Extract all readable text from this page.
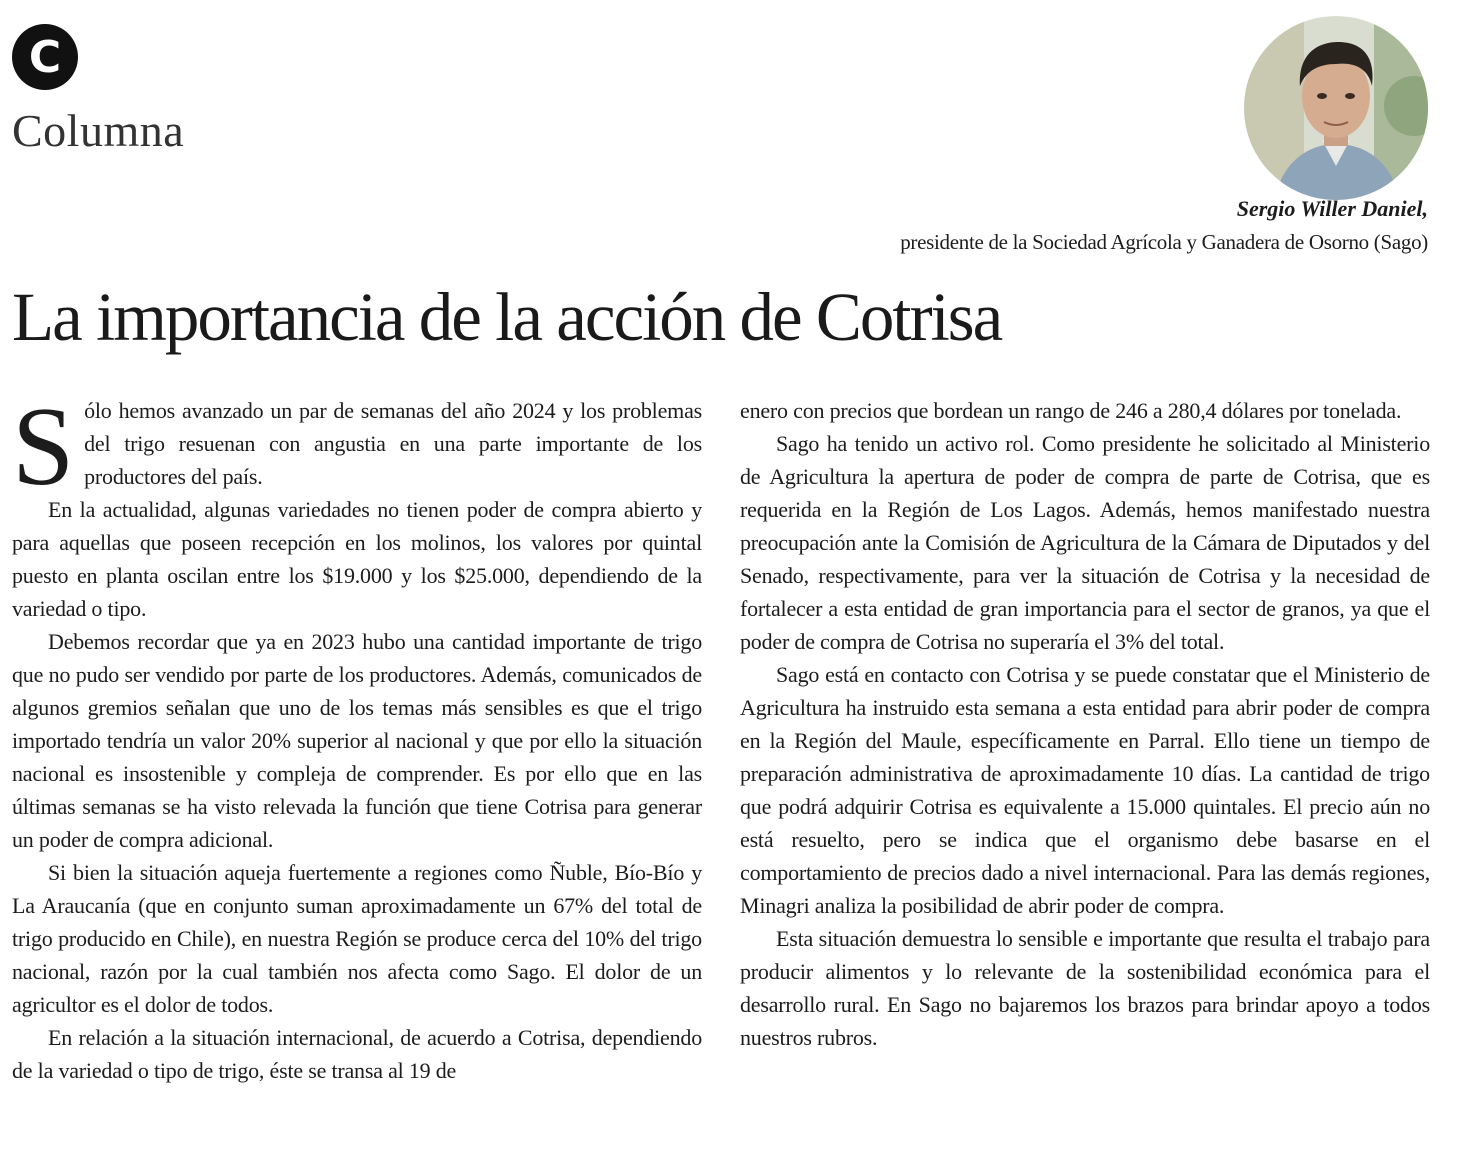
C
Columna
Sergio Willer Daniel,
presidente de la Sociedad Agrícola y Ganadera de Osorno (Sago)
La importancia de la acción de Cotrisa

Sólo hemos avanzado un par de semanas del año 2024 y los problemas del trigo resuenan con angustia en una parte importante de los productores del país.

En la actualidad, algunas variedades no tienen poder de compra abierto y para aquellas que poseen recepción en los molinos, los valores por quintal puesto en planta oscilan entre los $19.000 y los $25.000, dependiendo de la variedad o tipo.

Debemos recordar que ya en 2023 hubo una cantidad importante de trigo que no pudo ser vendido por parte de los productores. Además, comunicados de algunos gremios señalan que uno de los temas más sensibles es que el trigo importado tendría un valor 20% superior al nacional y que por ello la situación nacional es insostenible y compleja de comprender. Es por ello que en las últimas semanas se ha visto relevada la función que tiene Cotrisa para generar un poder de compra adicional.

Si bien la situación aqueja fuertemente a regiones como Ñuble, Bío-Bío y La Araucanía (que en conjunto suman aproximadamente un 67% del total de trigo producido en Chile), en nuestra Región se produce cerca del 10% del trigo nacional, razón por la cual también nos afecta como Sago. El dolor de un agricultor es el dolor de todos.

En relación a la situación internacional, de acuerdo a Cotrisa, dependiendo de la variedad o tipo de trigo, éste se transa al 19 de

enero con precios que bordean un rango de 246 a 280,4 dólares por tonelada.

Sago ha tenido un activo rol. Como presidente he solicitado al Ministerio de Agricultura la apertura de poder de compra de parte de Cotrisa, que es requerida en la Región de Los Lagos. Además, hemos manifestado nuestra preocupación ante la Comisión de Agricultura de la Cámara de Diputados y del Senado, respectivamente, para ver la situación de Cotrisa y la necesidad de fortalecer a esta entidad de gran importancia para el sector de granos, ya que el poder de compra de Cotrisa no superaría el 3% del total.

Sago está en contacto con Cotrisa y se puede constatar que el Ministerio de Agricultura ha instruido esta semana a esta entidad para abrir poder de compra en la Región del Maule, específicamente en Parral. Ello tiene un tiempo de preparación administrativa de aproximadamente 10 días. La cantidad de trigo que podrá adquirir Cotrisa es equivalente a 15.000 quintales. El precio aún no está resuelto, pero se indica que el organismo debe basarse en el comportamiento de precios dado a nivel internacional. Para las demás regiones, Minagri analiza la posibilidad de abrir poder de compra.

Esta situación demuestra lo sensible e importante que resulta el trabajo para producir alimentos y lo relevante de la sostenibilidad económica para el desarrollo rural. En Sago no bajaremos los brazos para brindar apoyo a todos nuestros rubros.
